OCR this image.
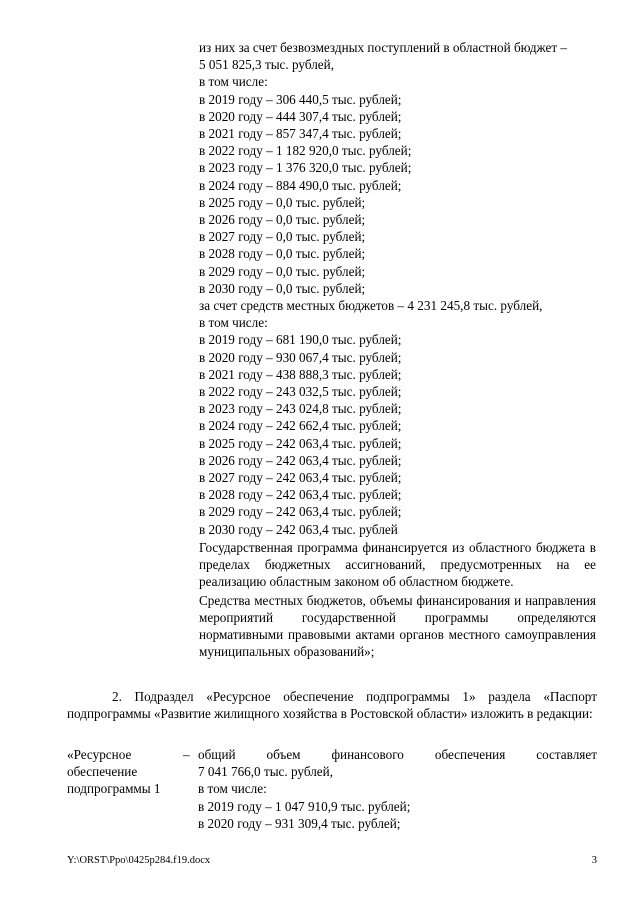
из них за счет безвозмездных поступлений в областной бюджет –
5 051 825,3 тыс. рублей,
в том числе:
в 2019 году – 306 440,5 тыс. рублей;
в 2020 году – 444 307,4 тыс. рублей;
в 2021 году – 857 347,4 тыс. рублей;
в 2022 году – 1 182 920,0 тыс. рублей;
в 2023 году – 1 376 320,0 тыс. рублей;
в 2024 году – 884 490,0 тыс. рублей;
в 2025 году – 0,0 тыс. рублей;
в 2026 году – 0,0 тыс. рублей;
в 2027 году – 0,0 тыс. рублей;
в 2028 году – 0,0 тыс. рублей;
в 2029 году – 0,0 тыс. рублей;
в 2030 году – 0,0 тыс. рублей;
за счет средств местных бюджетов – 4 231 245,8 тыс. рублей,
в том числе:
в 2019 году – 681 190,0 тыс. рублей;
в 2020 году – 930 067,4 тыс. рублей;
в 2021 году – 438 888,3 тыс. рублей;
в 2022 году – 243 032,5 тыс. рублей;
в 2023 году – 243 024,8 тыс. рублей;
в 2024 году – 242 662,4 тыс. рублей;
в 2025 году – 242 063,4 тыс. рублей;
в 2026 году – 242 063,4 тыс. рублей;
в 2027 году – 242 063,4 тыс. рублей;
в 2028 году – 242 063,4 тыс. рублей;
в 2029 году – 242 063,4 тыс. рублей;
в 2030 году – 242 063,4 тыс. рублей
Государственная программа финансируется из областного бюджета в пределах бюджетных ассигнований, предусмотренных на ее реализацию областным законом об областном бюджете.
Средства местных бюджетов, объемы финансирования и направления мероприятий государственной программы определяются нормативными правовыми актами органов местного самоуправления муниципальных образований»;
2. Подраздел «Ресурсное обеспечение подпрограммы 1» раздела «Паспорт подпрограммы «Развитие жилищного хозяйства в Ростовской области» изложить в редакции:
«Ресурсное
обеспечение
подпрограммы 1
– общий объем финансового обеспечения составляет
7 041 766,0 тыс. рублей,
в том числе:
в 2019 году – 1 047 910,9 тыс. рублей;
в 2020 году – 931 309,4 тыс. рублей;
Y:\ORST\Ppo\0425p284.f19.docx	3
